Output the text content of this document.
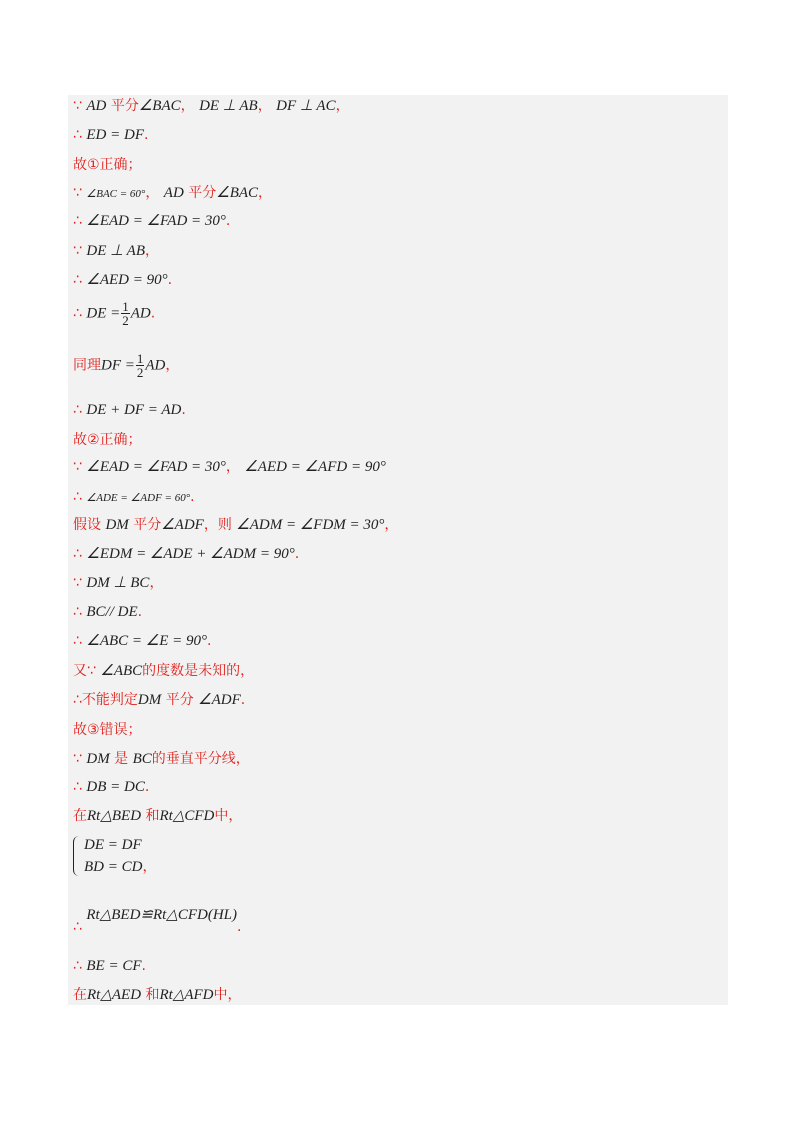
∵ AD 平分∠BAC， DE ⊥ AB， DF ⊥ AC，
∴ ED = DF.
故①正确；
∵ ∠BAC = 60°， AD 平分∠BAC，
∴ ∠EAD = ∠FAD = 30°.
∵ DE ⊥ AB，
∴ ∠AED = 90°.
∴ DE = $\frac{1}{2}$ AD.
同理DF = $\frac{1}{2}$ AD，
∴ DE + DF = AD.
故②正确；
∵ ∠EAD = ∠FAD = 30°， ∠AED = ∠AFD = 90°
∴ ∠ADE = ∠ADF = 60°.
假设 DM 平分∠ADF，则 ∠ADM = ∠FDM = 30°，
∴ ∠EDM = ∠ADE + ∠ADM = 90°.
∵ DM ⊥ BC，
∴ BC// DE.
∴ ∠ABC = ∠E = 90°.
又∵ ∠ABC的度数是未知的，
∴不能判定DM 平分 ∠ADF.
故③错误；
∵ DM 是 BC的垂直平分线，
∴ DB = DC.
在Rt△BED 和Rt△CFD中，
DE = DF
BD = CD，
∴ Rt△BED≌Rt△CFD(HL).
∴ BE = CF.
在Rt△AED 和Rt△AFD中，
